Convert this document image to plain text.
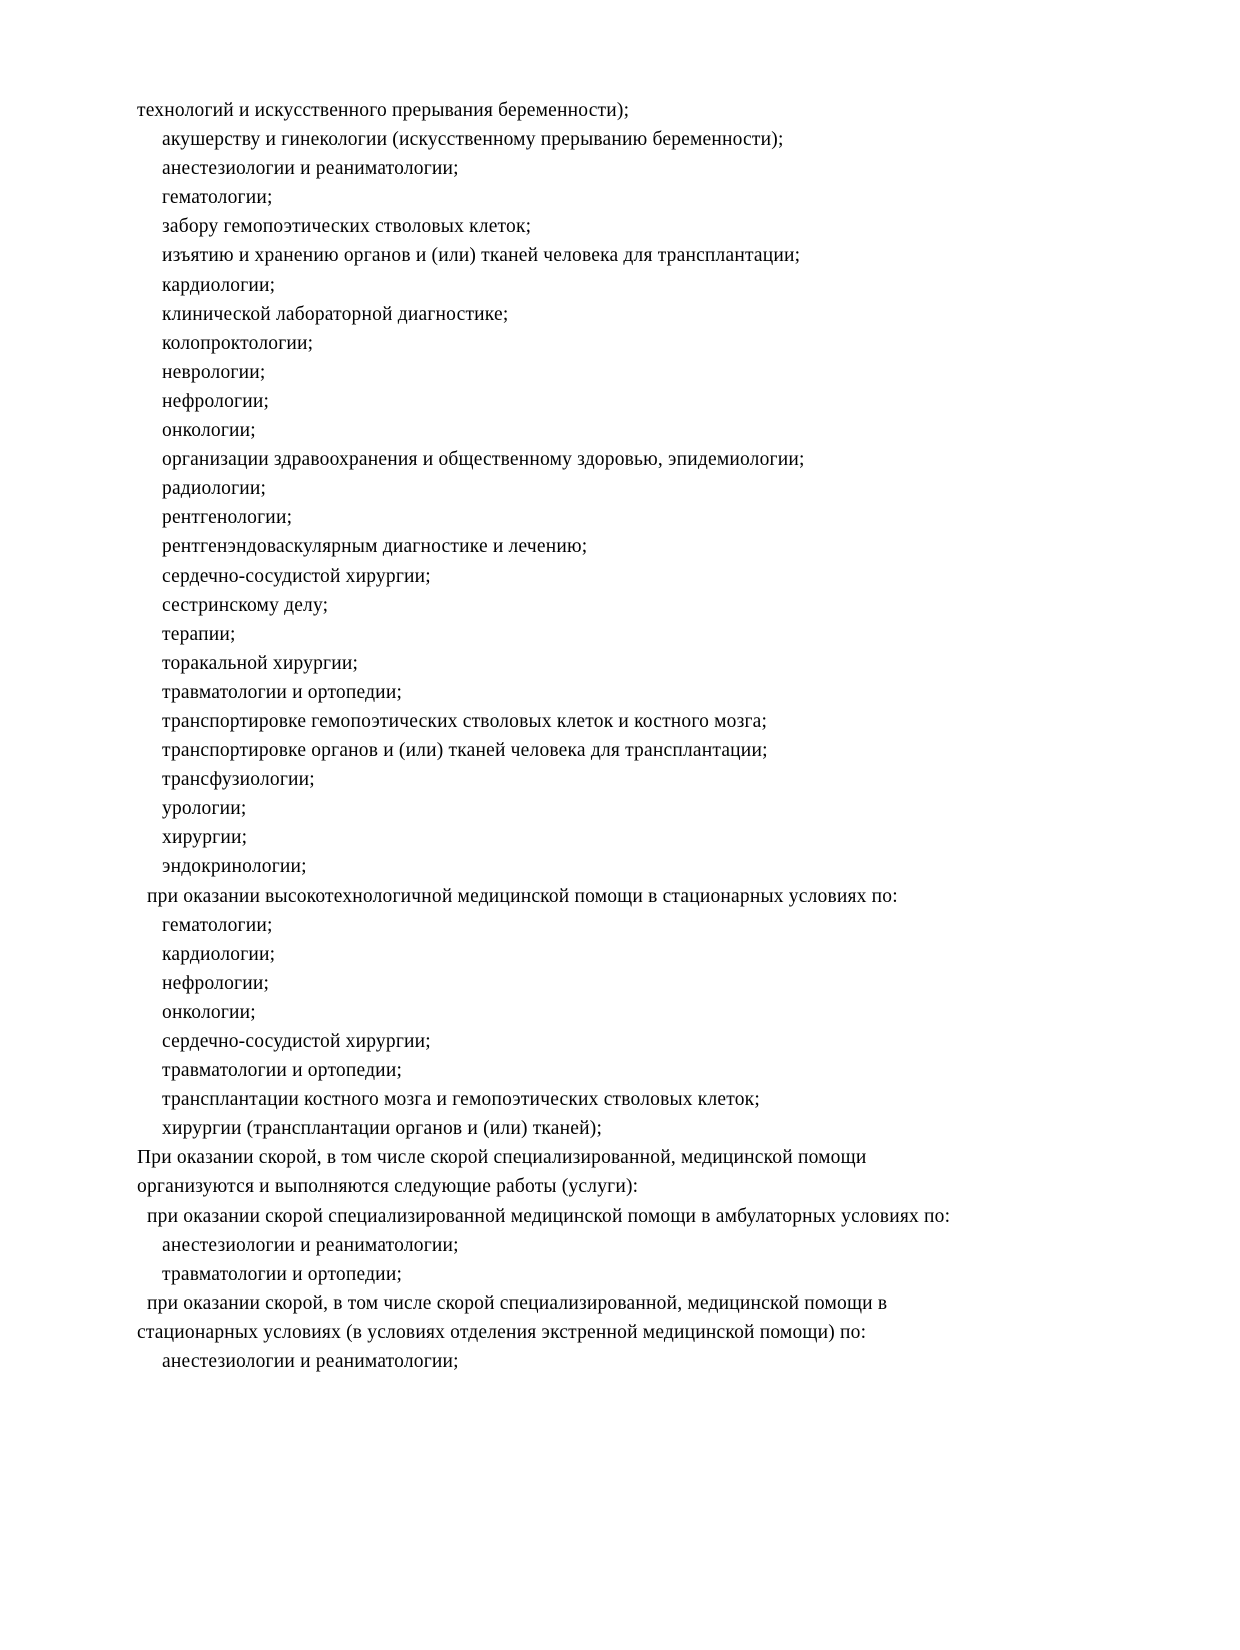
технологий и искусственного прерывания беременности);
акушерству и гинекологии (искусственному прерыванию беременности);
анестезиологии и реаниматологии;
гематологии;
забору гемопоэтических стволовых клеток;
изъятию и хранению органов и (или) тканей человека для трансплантации;
кардиологии;
клинической лабораторной диагностике;
колопроктологии;
неврологии;
нефрологии;
онкологии;
организации здравоохранения и общественному здоровью, эпидемиологии;
радиологии;
рентгенологии;
рентгенэндоваскулярным диагностике и лечению;
сердечно-сосудистой хирургии;
сестринскому делу;
терапии;
торакальной хирургии;
травматологии и ортопедии;
транспортировке гемопоэтических стволовых клеток и костного мозга;
транспортировке органов и (или) тканей человека для трансплантации;
трансфузиологии;
урологии;
хирургии;
эндокринологии;
при оказании высокотехнологичной медицинской помощи в стационарных условиях по:
гематологии;
кардиологии;
нефрологии;
онкологии;
сердечно-сосудистой хирургии;
травматологии и ортопедии;
трансплантации костного мозга и гемопоэтических стволовых клеток;
хирургии (трансплантации органов и (или) тканей);
При оказании скорой, в том числе скорой специализированной, медицинской помощи
организуются и выполняются следующие работы (услуги):
при оказании скорой специализированной медицинской помощи в амбулаторных условиях по:
анестезиологии и реаниматологии;
травматологии и ортопедии;
при оказании скорой, в том числе скорой специализированной, медицинской помощи в
стационарных условиях (в условиях отделения экстренной медицинской помощи) по:
анестезиологии и реаниматологии;
